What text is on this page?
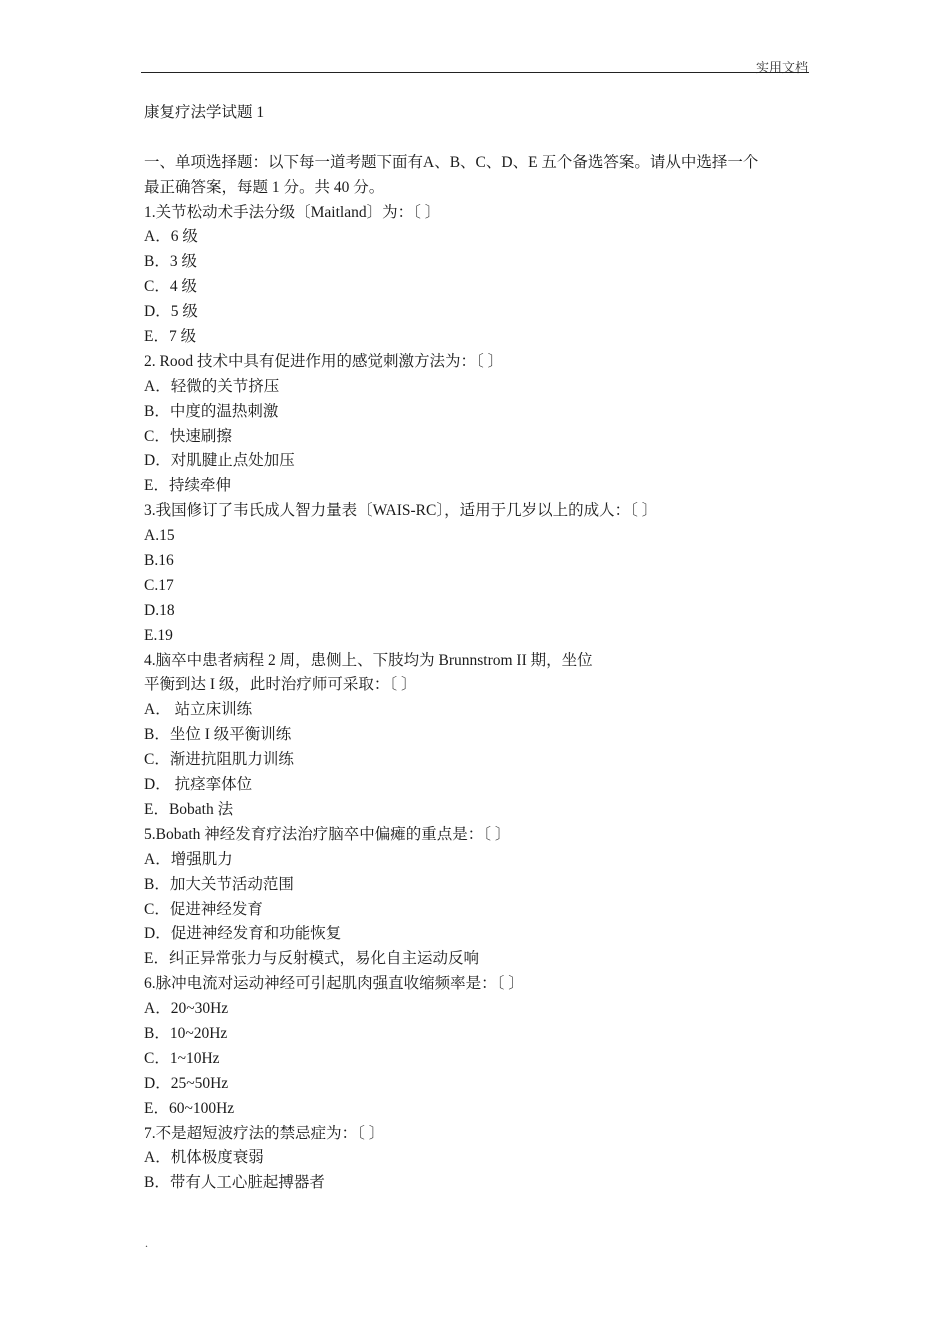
实用文档
康复疗法学试题 1
一、单项选择题：以下每一道考题下面有A、B、C、D、E 五个备选答案。请从中选择一个
最正确答案，每题 1 分。共 40 分。
1.关节松动术手法分级〔Maitland〕为：〔 〕
A．6 级
B．3 级
C．4 级
D．5 级
E．7 级
2. Rood 技术中具有促进作用的感觉刺激方法为：〔 〕
A．轻微的关节挤压
B．中度的温热刺激
C．快速刷擦
D．对肌腱止点处加压
E．持续牵伸
3.我国修订了韦氏成人智力量表〔WAIS-RC〕，适用于几岁以上的成人：〔 〕
A.15
B.16
C.17
D.18
E.19
4.脑卒中患者病程 2 周，患侧上、下肢均为 Brunnstrom II 期，坐位
平衡到达 I 级，此时治疗师可采取：〔 〕
A． 站立床训练
B．坐位 I 级平衡训练
C．渐进抗阻肌力训练
D． 抗痉挛体位
E．Bobath 法
5.Bobath 神经发育疗法治疗脑卒中偏瘫的重点是：〔 〕
A．增强肌力
B．加大关节活动范围
C．促进神经发育
D．促进神经发育和功能恢复
E．纠正异常张力与反射模式，易化自主运动反响
6.脉冲电流对运动神经可引起肌肉强直收缩频率是：〔 〕
A．20~30Hz
B．10~20Hz
C．1~10Hz
D．25~50Hz
E．60~100Hz
7.不是超短波疗法的禁忌症为：〔 〕
A．机体极度衰弱
B．带有人工心脏起搏器者
.
